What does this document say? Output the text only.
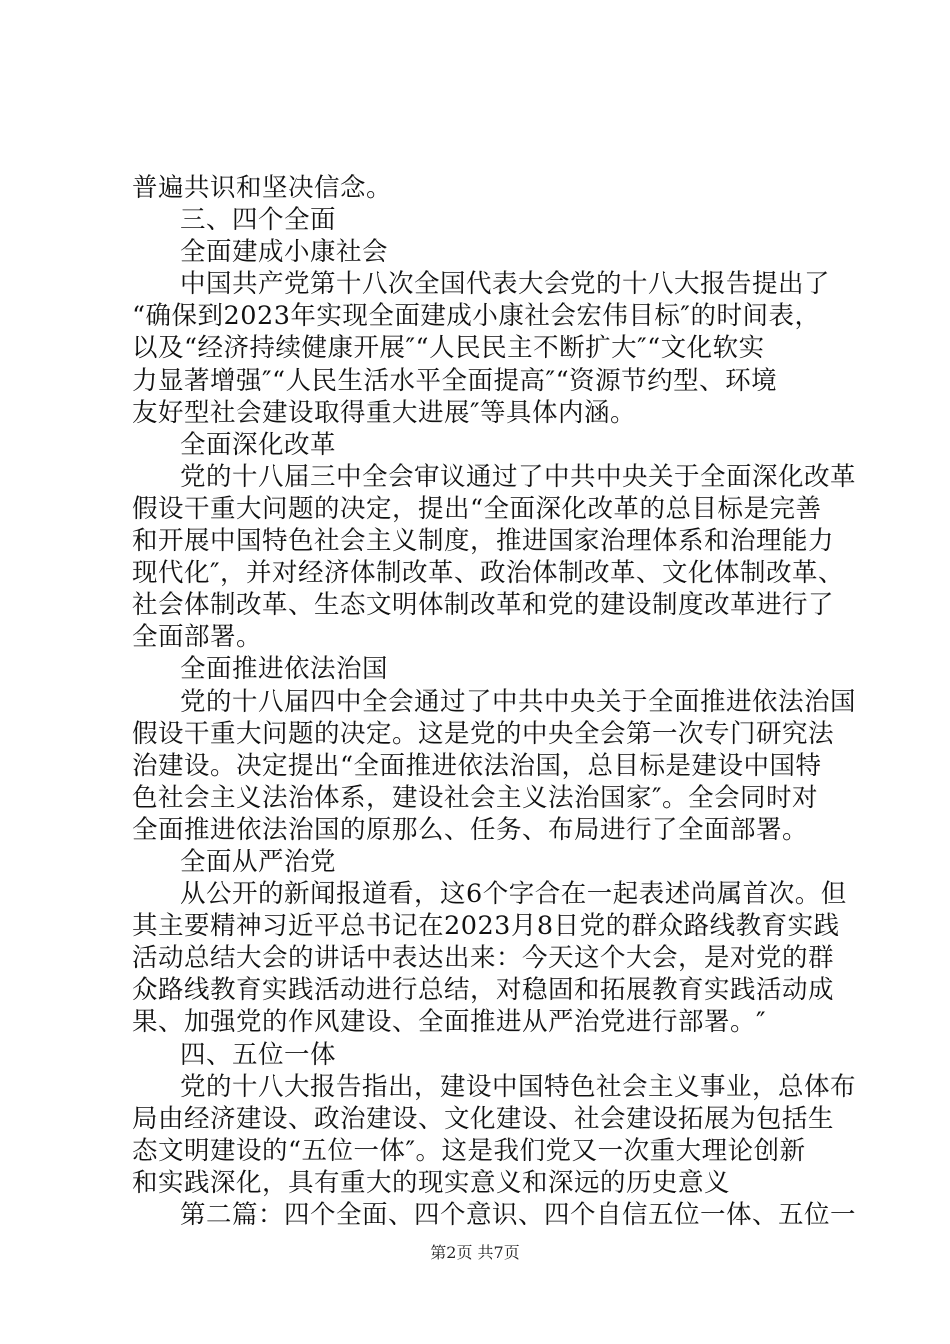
普遍共识和坚决信念。
三、四个全面
全面建成小康社会
中国共产党第十八次全国代表大会党的十八大报告提出了
“确保到2023年实现全面建成小康社会宏伟目标″的时间表，
以及“经济持续健康开展″“人民民主不断扩大″“文化软实
力显著增强″“人民生活水平全面提高″“资源节约型、环境
友好型社会建设取得重大进展″等具体内涵。
全面深化改革
党的十八届三中全会审议通过了中共中央关于全面深化改革
假设干重大问题的决定，提出“全面深化改革的总目标是完善
和开展中国特色社会主义制度，推进国家治理体系和治理能力
现代化″，并对经济体制改革、政治体制改革、文化体制改革、
社会体制改革、生态文明体制改革和党的建设制度改革进行了
全面部署。
全面推进依法治国
党的十八届四中全会通过了中共中央关于全面推进依法治国
假设干重大问题的决定。这是党的中央全会第一次专门研究法
治建设。决定提出“全面推进依法治国，总目标是建设中国特
色社会主义法治体系，建设社会主义法治国家″。全会同时对
全面推进依法治国的原那么、任务、布局进行了全面部署。
全面从严治党
从公开的新闻报道看，这6个字合在一起表述尚属首次。但
其主要精神习近平总书记在2023月8日党的群众路线教育实践
活动总结大会的讲话中表达出来：今天这个大会，是对党的群
众路线教育实践活动进行总结，对稳固和拓展教育实践活动成
果、加强党的作风建设、全面推进从严治党进行部署。″
四、五位一体
党的十八大报告指出，建设中国特色社会主义事业，总体布
局由经济建设、政治建设、文化建设、社会建设拓展为包括生
态文明建设的“五位一体″。这是我们党又一次重大理论创新
和实践深化，具有重大的现实意义和深远的历史意义
第二篇：四个全面、四个意识、四个自信五位一体、五位一
第2页 共7页
